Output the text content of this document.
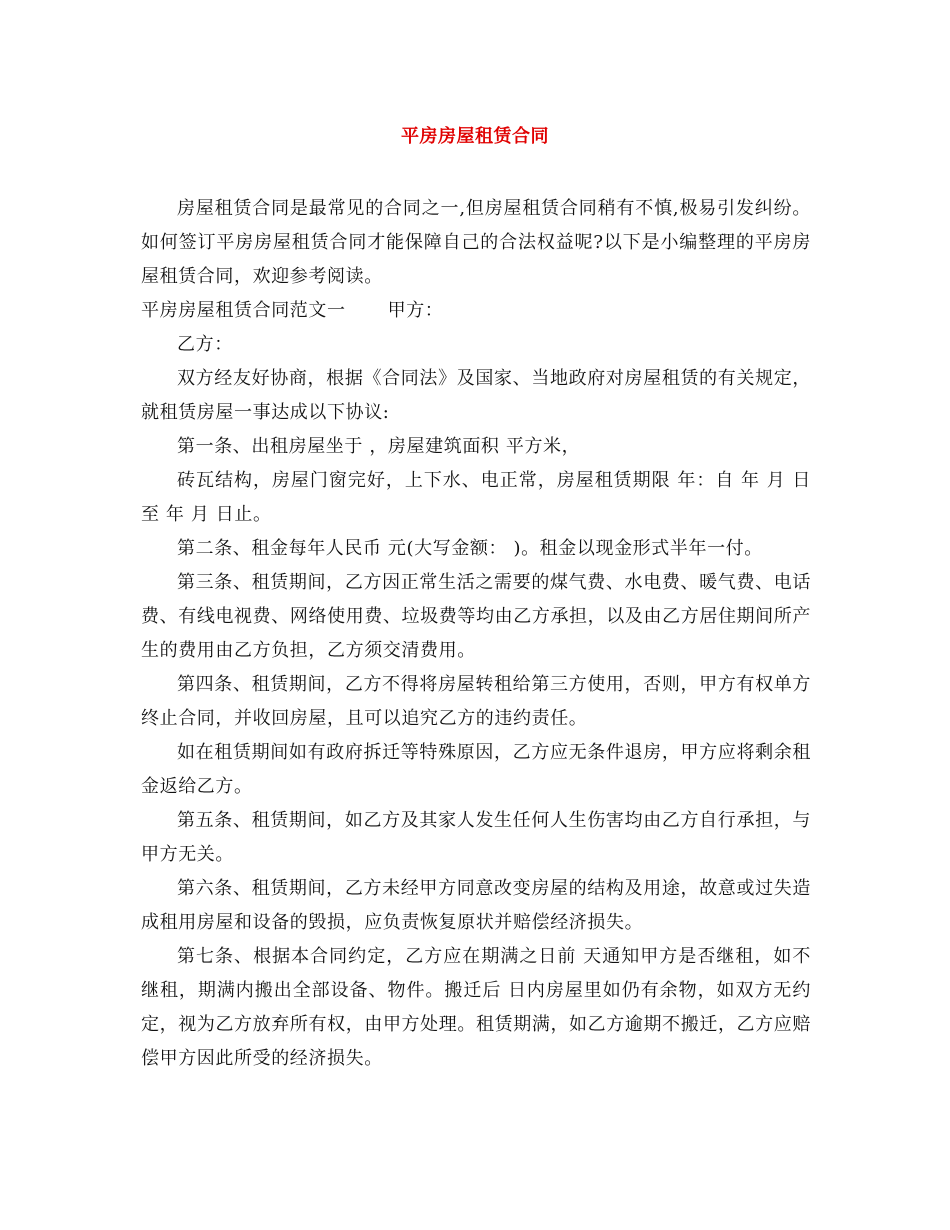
平房房屋租赁合同

房屋租赁合同是最常见的合同之一,但房屋租赁合同稍有不慎,极易引发纠纷。如何签订平房房屋租赁合同才能保障自己的合法权益呢?以下是小编整理的平房房屋租赁合同，欢迎参考阅读。

平房房屋租赁合同范文一 甲方：

乙方：

双方经友好协商，根据《合同法》及国家、当地政府对房屋租赁的有关规定，就租赁房屋一事达成以下协议:

第一条、出租房屋坐于 ，房屋建筑面积 平方米，

砖瓦结构，房屋门窗完好，上下水、电正常，房屋租赁期限 年：自 年 月 日至 年 月 日止。

第二条、租金每年人民币 元(大写金额： )。租金以现金形式半年一付。

第三条、租赁期间，乙方因正常生活之需要的煤气费、水电费、暖气费、电话费、有线电视费、网络使用费、垃圾费等均由乙方承担，以及由乙方居住期间所产生的费用由乙方负担，乙方须交清费用。

第四条、租赁期间，乙方不得将房屋转租给第三方使用，否则，甲方有权单方终止合同，并收回房屋，且可以追究乙方的违约责任。

如在租赁期间如有政府拆迁等特殊原因，乙方应无条件退房，甲方应将剩余租金返给乙方。

第五条、租赁期间，如乙方及其家人发生任何人生伤害均由乙方自行承担，与甲方无关。

第六条、租赁期间，乙方未经甲方同意改变房屋的结构及用途，故意或过失造成租用房屋和设备的毁损，应负责恢复原状并赔偿经济损失。

第七条、根据本合同约定，乙方应在期满之日前 天通知甲方是否继租，如不继租，期满内搬出全部设备、物件。搬迁后 日内房屋里如仍有余物，如双方无约定，视为乙方放弃所有权，由甲方处理。租赁期满，如乙方逾期不搬迁，乙方应赔偿甲方因此所受的经济损失。
